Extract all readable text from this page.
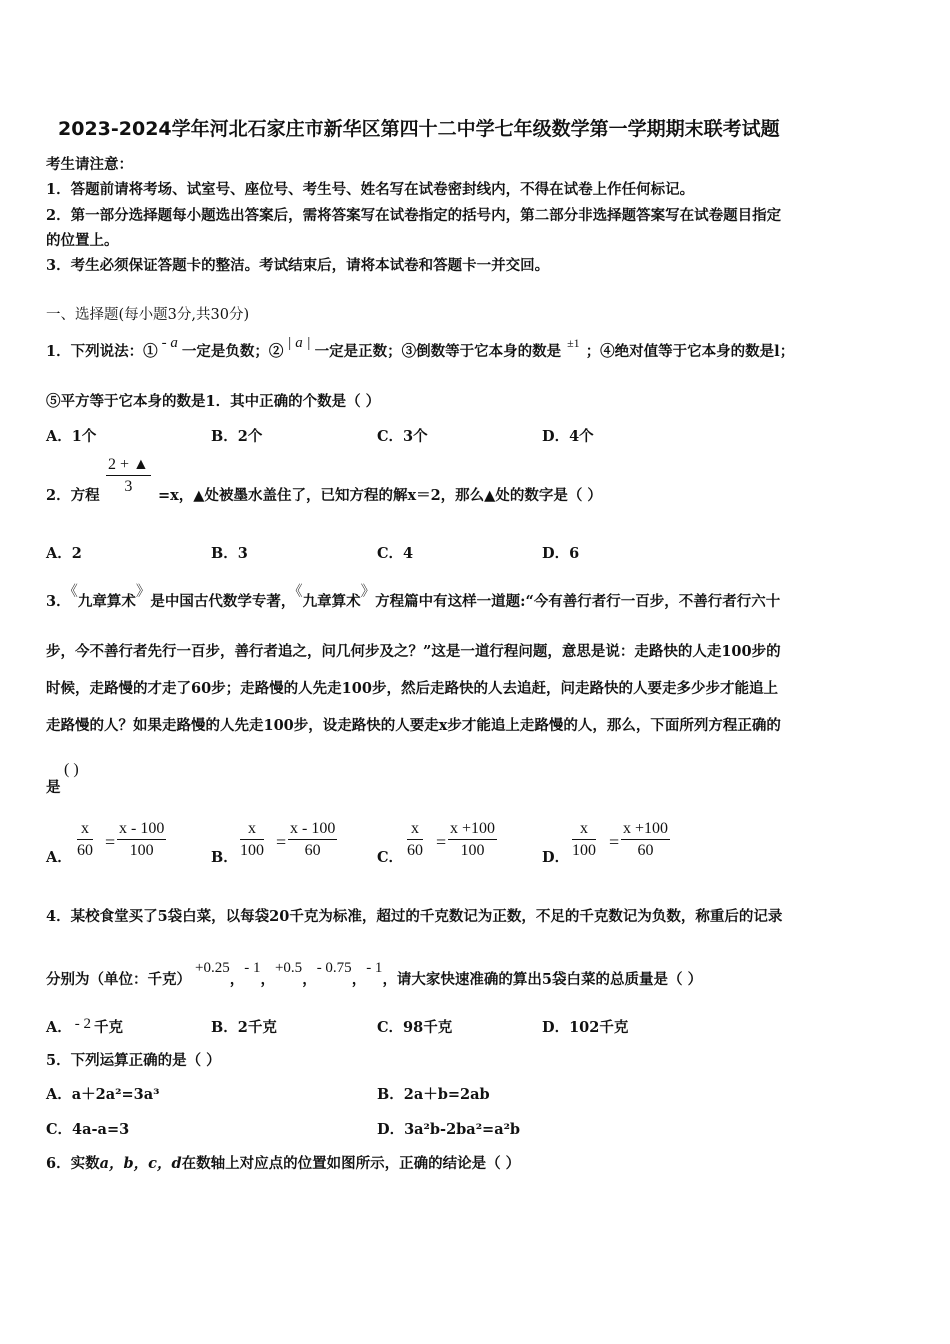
2023-2024学年河北石家庄市新华区第四十二中学七年级数学第一学期期末联考试题
考生请注意：
1．答题前请将考场、试室号、座位号、考生号、姓名写在试卷密封线内，不得在试卷上作任何标记。
2．第一部分选择题每小题选出答案后，需将答案写在试卷指定的括号内，第二部分非选择题答案写在试卷题目指定
的位置上。
3．考生必须保证答题卡的整洁。考试结束后，请将本试卷和答题卡一并交回。
一、选择题(每小题3分,共30分)
1．下列说法：① - a 一定是负数；② | a | 一定是正数；③倒数等于它本身的数是 $^{\pm 1}$ ；④绝对值等于它本身的数是l；
⑤平方等于它本身的数是1．其中正确的个数是（ ）
A．1个	B．2个	C．3个	D．4个
2．方程 $\frac{2 + ▲}{3} =x$，▲处被墨水盖住了，已知方程的解x＝2，那么▲处的数字是（ ）
A．2	B．3	C．4	D．6
3．《九章算术》是中国古代数学专著，《九章算术》方程篇中有这样一道题:“今有善行者行一百步，不善行者行六十
步，今不善行者先行一百步，善行者追之，问几何步及之？”这是一道行程问题，意思是说：走路快的人走100步的
时候，走路慢的才走了60步；走路慢的人先走100步，然后走路快的人去追赶，问走路快的人要走多少步才能追上
走路慢的人？如果走路慢的人先走100步，设走路快的人要走x步才能追上走路慢的人，那么，下面所列方程正确的
是
( )
A． $\frac{x}{60} = \frac{x - 100}{100}$	B． $\frac{x}{100} = \frac{x - 100}{60}$	C． $\frac{x}{60} = \frac{x +100}{100}$	D． $\frac{x}{100} = \frac{x +100}{60}$
4．某校食堂买了5袋白菜，以每袋20千克为标准，超过的千克数记为正数，不足的千克数记为负数，称重后的记录
分别为（单位：千克）+0.25，- 1，+0.5，- 0.75，- 1，请大家快速准确的算出5袋白菜的总质量是（ ）
A． - 2 千克	B．2千克	C．98千克	D．102千克
5．下列运算正确的是（ ）
A．a＋2a²=3a³	B．2a＋b=2ab
C．4a-a=3	D．3a²b-2ba²=a²b
6．实数a，b，c，d在数轴上对应点的位置如图所示，正确的结论是（ ）
